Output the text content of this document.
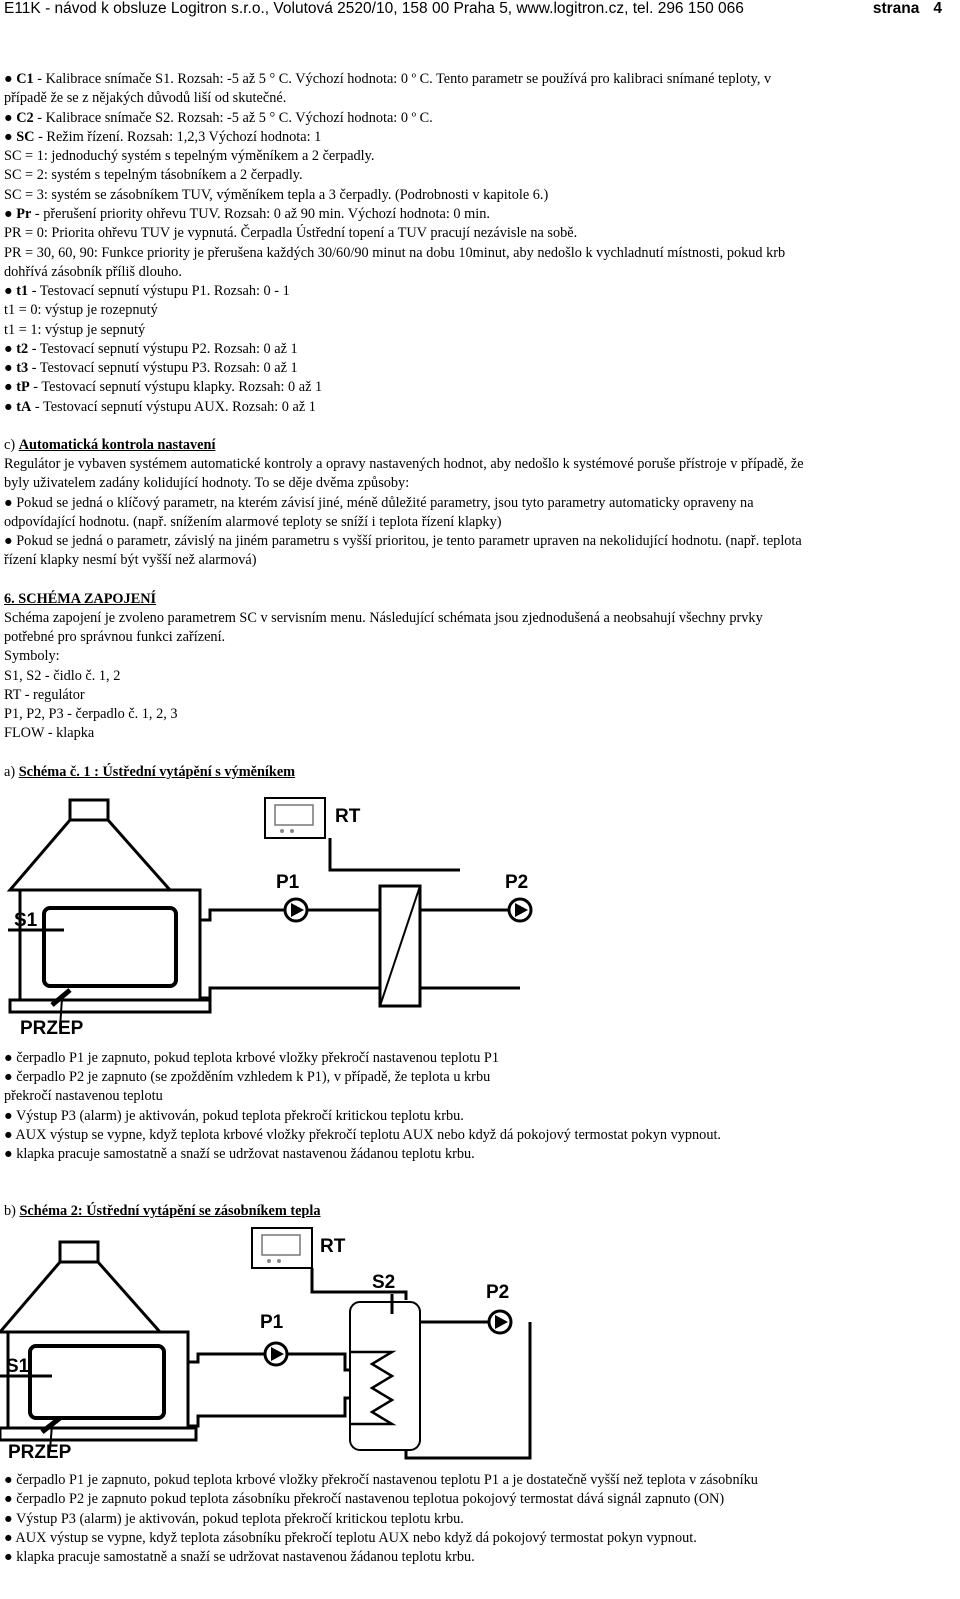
E11K - návod k obsluze Logitron s.r.o., Volutová 2520/10, 158 00 Praha 5, www.logitron.cz, tel. 296 150 066	strana 4
● C1 - Kalibrace snímače S1. Rozsah: -5 až 5 ° C. Výchozí hodnota: 0 º C. Tento parametr se používá pro kalibraci snímané teploty, v
případě že se z nějakých důvodů liší od skutečné.
● C2 - Kalibrace snímače S2. Rozsah: -5 až 5 ° C. Výchozí hodnota: 0 º C.
● SC - Režim řízení. Rozsah: 1,2,3 Výchozí hodnota: 1
SC = 1: jednoduchý systém s tepelným výměníkem a 2 čerpadly.
SC = 2: systém s tepelným tásobníkem a 2 čerpadly.
SC = 3: systém se zásobníkem TUV, výměníkem tepla a 3 čerpadly. (Podrobnosti v kapitole 6.)
● Pr - přerušení priority ohřevu TUV. Rozsah: 0 až 90 min. Výchozí hodnota: 0 min.
PR = 0: Priorita ohřevu TUV je vypnutá. Čerpadla Ústřední topení a TUV pracují nezávisle na sobě.
PR = 30, 60, 90: Funkce priority je přerušena každých 30/60/90 minut na dobu 10minut, aby nedošlo k vychladnutí místnosti, pokud krb
dohřívá zásobník příliš dlouho.
● t1 - Testovací sepnutí výstupu P1. Rozsah: 0 - 1
t1 = 0: výstup je rozepnutý
t1 = 1: výstup je sepnutý
● t2 - Testovací sepnutí výstupu P2. Rozsah: 0 až 1
● t3 - Testovací sepnutí výstupu P3. Rozsah: 0 až 1
● tP - Testovací sepnutí výstupu klapky. Rozsah: 0 až 1
● tA - Testovací sepnutí výstupu AUX. Rozsah: 0 až 1
c) Automatická kontrola nastavení
Regulátor je vybaven systémem automatické kontroly a opravy nastavených hodnot, aby nedošlo k systémové poruše přístroje v případě, že
byly uživatelem zadány kolidující hodnoty. To se děje dvěma způsoby:
● Pokud se jedná o klíčový parametr, na kterém závisí jiné, méně důležité parametry, jsou tyto parametry automaticky opraveny na
odpovídající hodnotu. (např. snížením alarmové teploty se sníží i teplota řízení klapky)
● Pokud se jedná o parametr, závislý na jiném parametru s vyšší prioritou, je tento parametr upraven na nekolidující hodnotu. (např. teplota
řízení klapky nesmí být vyšší než alarmová)
6. SCHÉMA ZAPOJENÍ
Schéma zapojení je zvoleno parametrem SC v servisním menu. Následující schémata jsou zjednodušená a neobsahují všechny prvky
potřebné pro správnou funkci zařízení.
Symboly:
S1, S2 - čidlo č. 1, 2
RT - regulátor
P1, P2, P3 - čerpadlo č. 1, 2, 3
FLOW - klapka
a) Schéma č. 1 : Ústřední vytápění s výměníkem
RT
S1
PRZEP
P1	P2
● čerpadlo P1 je zapnuto, pokud teplota krbové vložky překročí nastavenou teplotu P1
● čerpadlo P2 je zapnuto (se zpožděním vzhledem k P1), v případě, že teplota u krbu
překročí nastavenou teplotu
● Výstup P3 (alarm) je aktivován, pokud teplota překročí kritickou teplotu krbu.
● AUX výstup se vypne, když teplota krbové vložky překročí teplotu AUX nebo když dá pokojový termostat pokyn vypnout.
● klapka pracuje samostatně a snaží se udržovat nastavenou žádanou teplotu krbu.
b) Schéma 2: Ústřední vytápění se zásobníkem tepla
RT
S1
PRZEP
P1
P2
S2
● čerpadlo P1 je zapnuto, pokud teplota krbové vložky překročí nastavenou teplotu P1 a je dostatečně vyšší než teplota v zásobníku
● čerpadlo P2 je zapnuto pokud teplota zásobníku překročí nastavenou teplotua pokojový termostat dává signál zapnuto (ON)
● Výstup P3 (alarm) je aktivován, pokud teplota překročí kritickou teplotu krbu.
● AUX výstup se vypne, když teplota zásobníku překročí teplotu AUX nebo když dá pokojový termostat pokyn vypnout.
● klapka pracuje samostatně a snaží se udržovat nastavenou žádanou teplotu krbu.
